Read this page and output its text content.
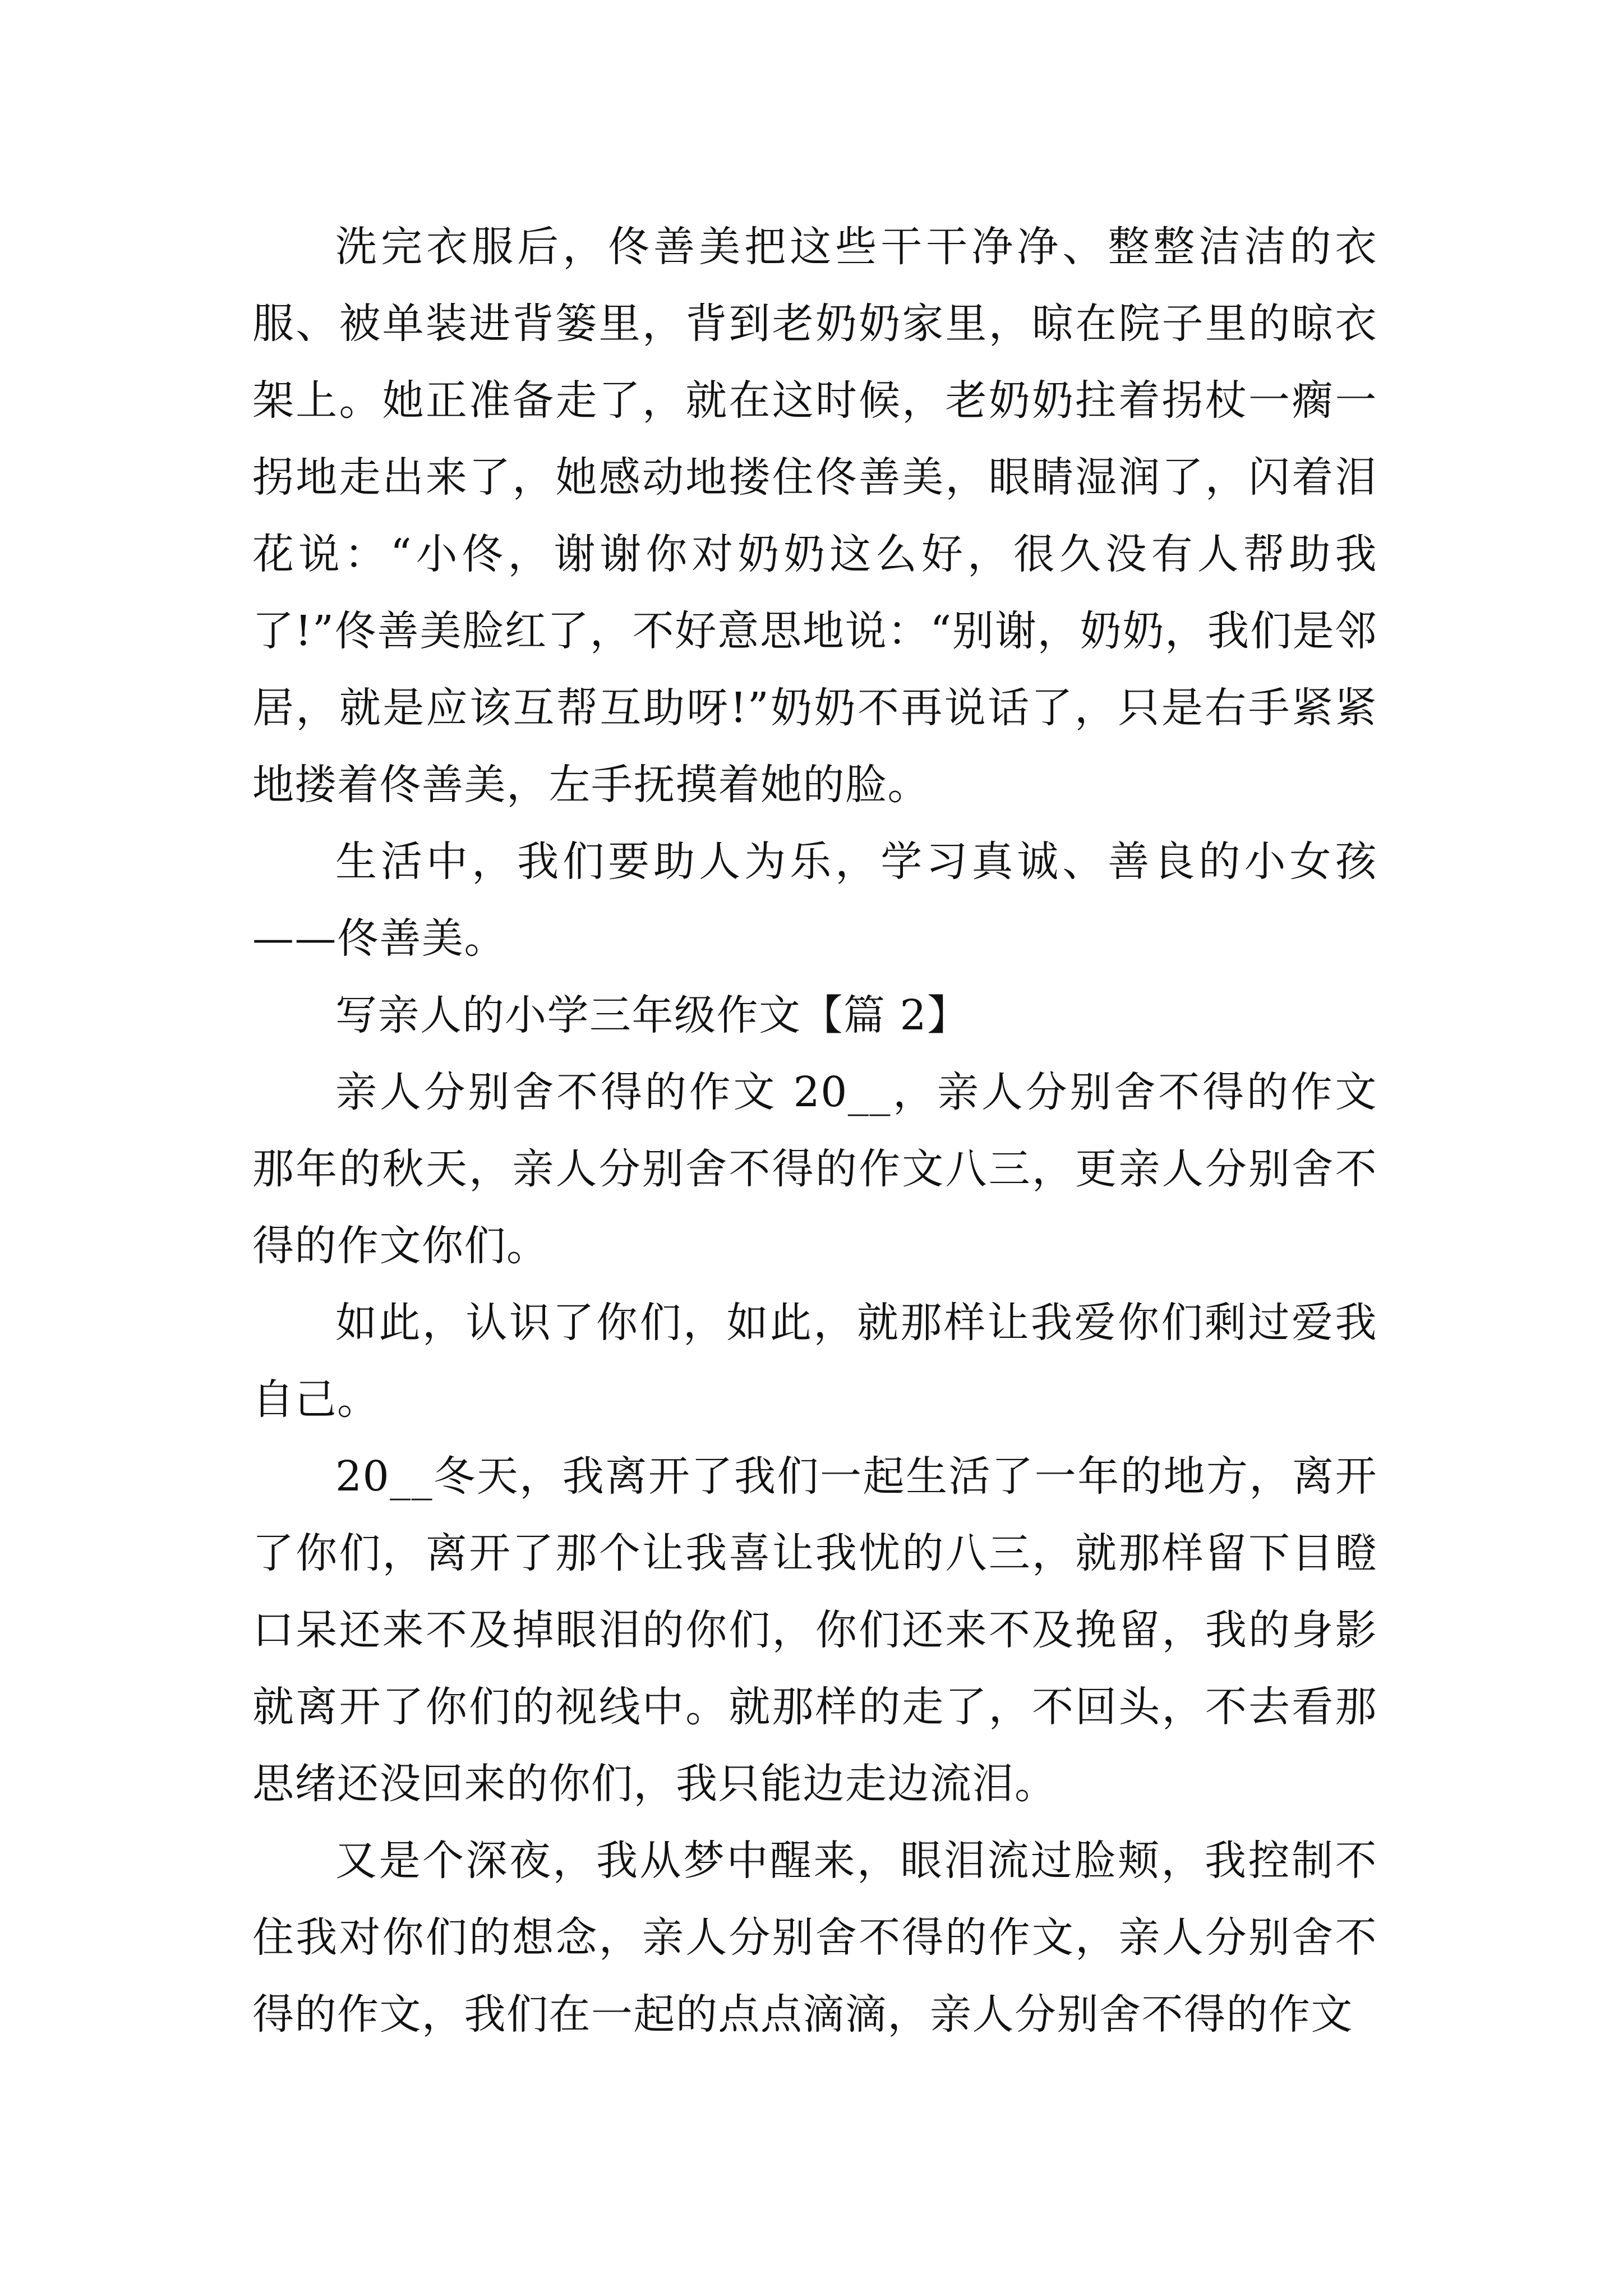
洗完衣服后，佟善美把这些干干净净、整整洁洁的衣服、被单装进背篓里，背到老奶奶家里，晾在院子里的晾衣架上。她正准备走了，就在这时候，老奶奶拄着拐杖一瘸一拐地走出来了，她感动地搂住佟善美，眼睛湿润了，闪着泪花说：“小佟，谢谢你对奶奶这么好，很久没有人帮助我了!”佟善美脸红了，不好意思地说：“别谢，奶奶，我们是邻居，就是应该互帮互助呀!”奶奶不再说话了，只是右手紧紧地搂着佟善美，左手抚摸着她的脸。

生活中，我们要助人为乐，学习真诚、善良的小女孩——佟善美。

写亲人的小学三年级作文【篇 2】

亲人分别舍不得的作文 20__，亲人分别舍不得的作文那年的秋天，亲人分别舍不得的作文八三，更亲人分别舍不得的作文你们。

如此，认识了你们，如此，就那样让我爱你们剩过爱我自己。

20__冬天，我离开了我们一起生活了一年的地方，离开了你们，离开了那个让我喜让我忧的八三，就那样留下目瞪口呆还来不及掉眼泪的你们，你们还来不及挽留，我的身影就离开了你们的视线中。就那样的走了，不回头，不去看那思绪还没回来的你们，我只能边走边流泪。

又是个深夜，我从梦中醒来，眼泪流过脸颊，我控制不住我对你们的想念，亲人分别舍不得的作文，亲人分别舍不得的作文，我们在一起的点点滴滴，亲人分别舍不得的作文
